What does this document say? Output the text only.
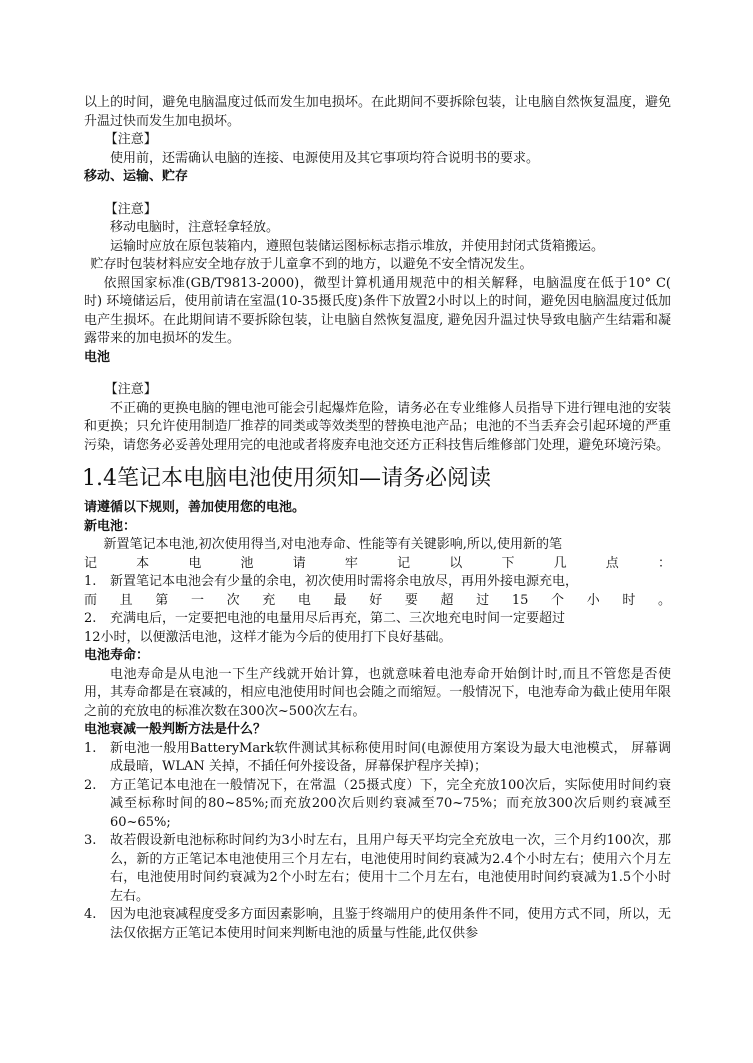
以上的时间，避免电脑温度过低而发生加电损坏。在此期间不要拆除包装，让电脑自然恢复温度，避免升温过快而发生加电损坏。

【注意】

使用前，还需确认电脑的连接、电源使用及其它事项均符合说明书的要求。

移动、运输、贮存

【注意】

移动电脑时，注意轻拿轻放。

运输时应放在原包装箱内，遵照包装储运图标标志指示堆放，并使用封闭式货箱搬运。

贮存时包装材料应安全地存放于儿童拿不到的地方，以避免不安全情况发生。

依照国家标准(GB/T9813-2000)，微型计算机通用规范中的相关解释，电脑温度在低于10° C( 时) 环境储运后，使用前请在室温(10-35摄氏度)条件下放置2小时以上的时间，避免因电脑温度过低加电产生损坏。在此期间请不要拆除包装，让电脑自然恢复温度, 避免因升温过快导致电脑产生结霜和凝露带来的加电损坏的发生。

电池

【注意】

不正确的更换电脑的锂电池可能会引起爆炸危险，请务必在专业维修人员指导下进行锂电池的安装和更换；只允许使用制造厂推荐的同类或等效类型的替换电池产品；电池的不当丢弃会引起环境的严重污染，请您务必妥善处理用完的电池或者将废弃电池交还方正科技售后维修部门处理，避免环境污染。

1.4笔记本电脑电池使用须知—请务必阅读

请遵循以下规则，善加使用您的电池。

新电池：

新置笔记本电池,初次使用得当,对电池寿命、性能等有关键影响,所以,使用新的笔

记本电池请牢记以下几点：

1.	新置笔记本电池会有少量的余电，初次使用时需将余电放尽，再用外接电源充电，

而且第一次充电最好要超过15个小时。

2.	充满电后，一定要把电池的电量用尽后再充，第二、三次地充电时间一定要超过

12小时，以便激活电池，这样才能为今后的使用打下良好基础。

电池寿命：

电池寿命是从电池一下生产线就开始计算，也就意味着电池寿命开始倒计时,而且不管您是否使用，其寿命都是在衰减的，相应电池使用时间也会随之而缩短。一般情况下，电池寿命为截止使用年限之前的充放电的标准次数在300次~500次左右。

电池衰减一般判断方法是什么？

1.	新电池一般用BatteryMark软件测试其标称使用时间(电源使用方案设为最大电池模式， 屏幕调成最暗，WLAN 关掉，不插任何外接设备，屏幕保护程序关掉)；
2.	方正笔记本电池在一般情况下，在常温（25摄式度）下，完全充放100次后，实际使用时间约衰减至标称时间的80~85%;而充放200次后则约衰减至70~75%；而充放300次后则约衰减至60~65%;
3.	故若假设新电池标称时间约为3小时左右，且用户每天平均完全充放电一次，三个月约100次，那么，新的方正笔记本电池使用三个月左右，电池使用时间约衰减为2.4个小时左右；使用六个月左右，电池使用时间约衰减为2个小时左右；使用十二个月左右，电池使用时间约衰减为1.5个小时左右。
4.	因为电池衰减程度受多方面因素影响，且鉴于终端用户的使用条件不同，使用方式不同，所以，无法仅依据方正笔记本使用时间来判断电池的质量与性能,此仅供参
